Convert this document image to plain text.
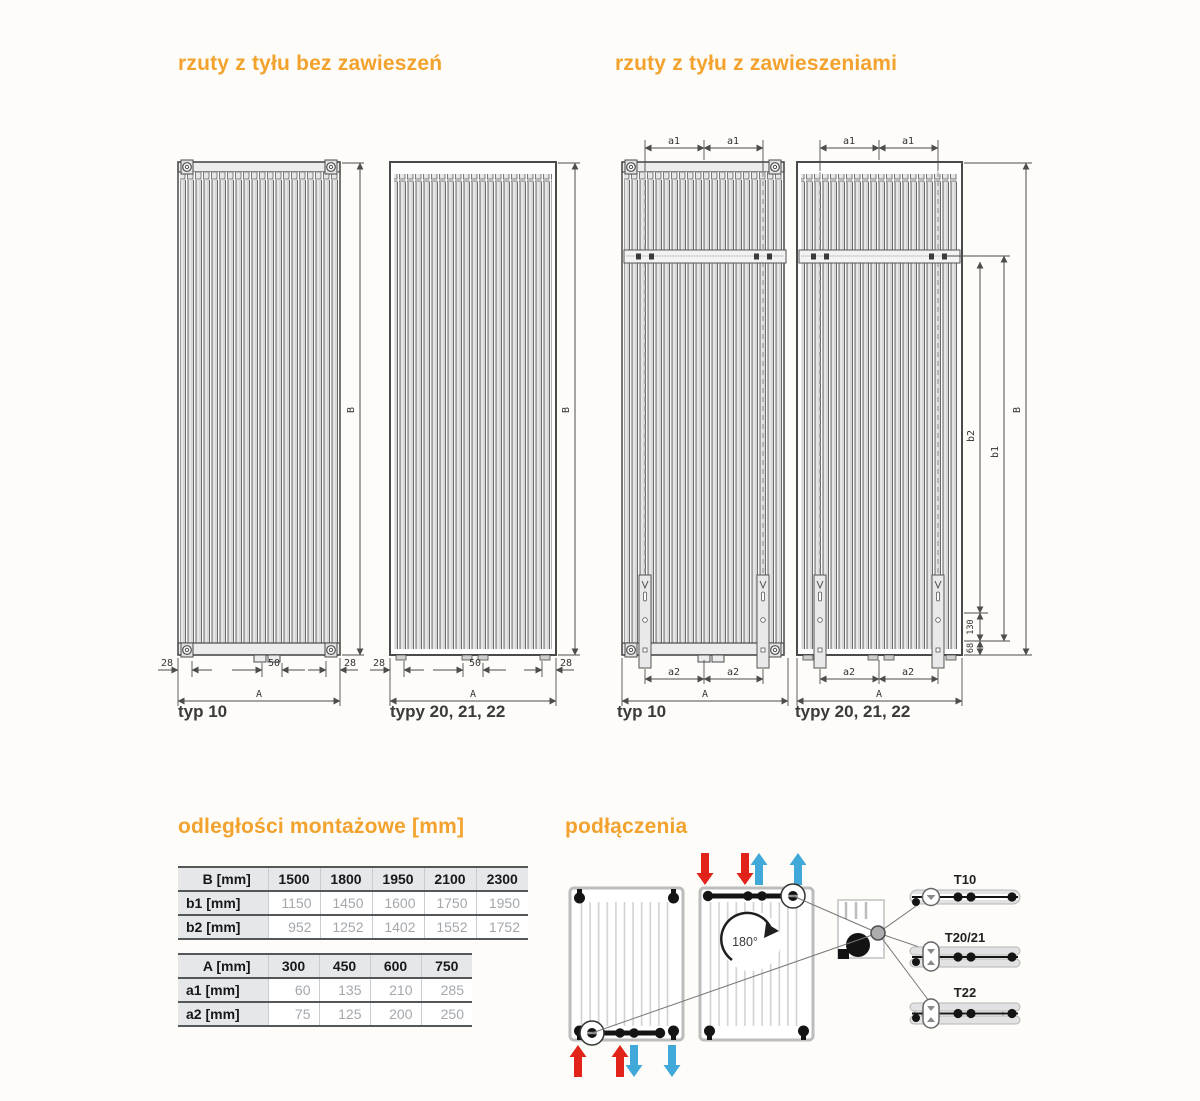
rzuty z tyłu bez zawieszeń	rzuty z tyłu z zawieszeniami
B
28	50	28
A
B
28	50	28
A
a1	a1
a2	a2
A
a1	a1
a2	a2
A
B
b1
b2
130
68
typ 10	typy 20, 21, 22	typ 10	typy 20, 21, 22
odległości montażowe [mm]
B [mm]	1500	1800	1950	2100	2300
b1 [mm]	1150	1450	1600	1750	1950
b2 [mm]	952	1252	1402	1552	1752
A [mm]	300	450	600	750
a1 [mm]	60	135	210	285
a2 [mm]	75	125	200	250
podłączenia
180°
T10
T20/21
T22
